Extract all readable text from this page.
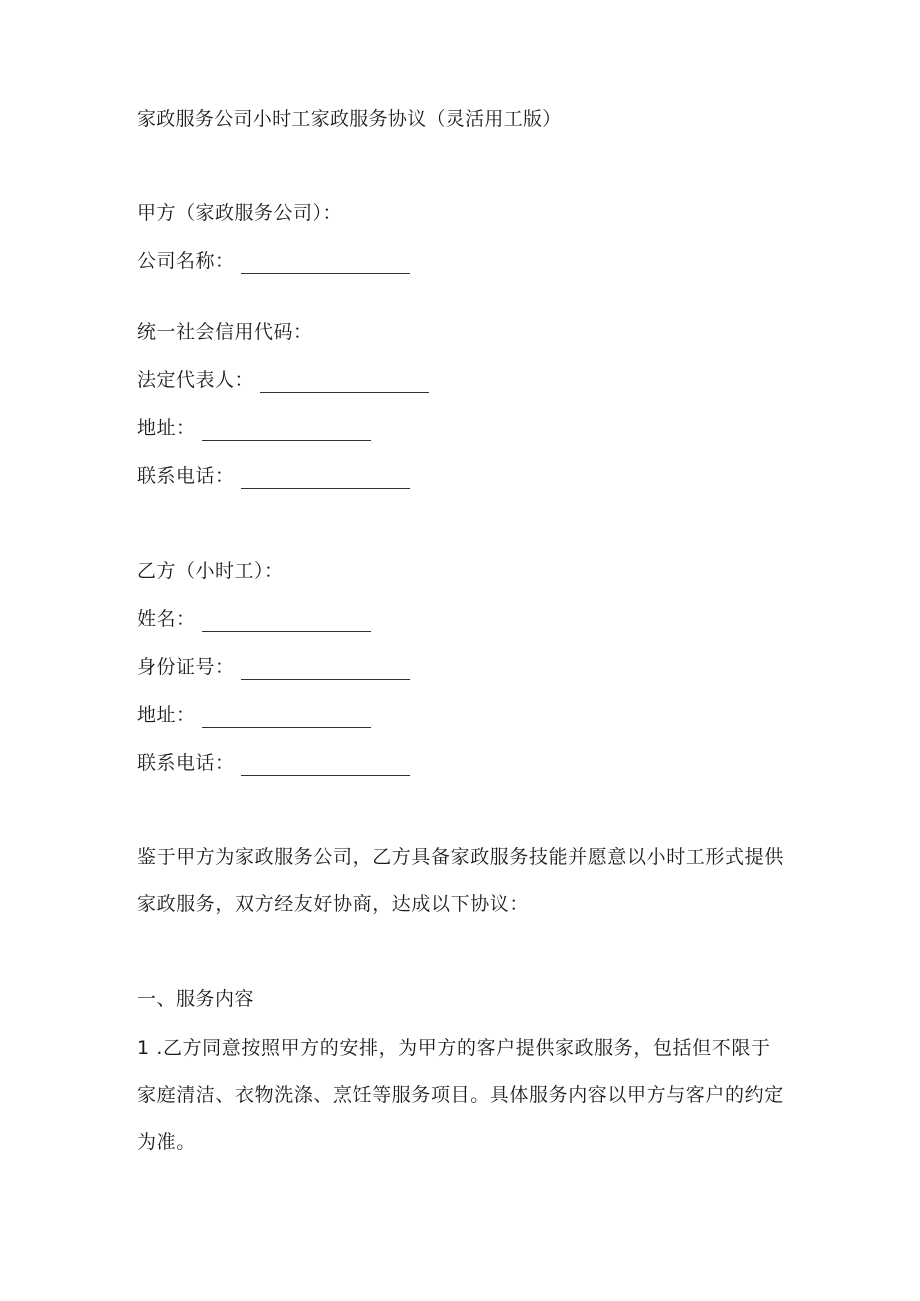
家政服务公司小时工家政服务协议（灵活用工版）
甲方（家政服务公司）：
公司名称：
统一社会信用代码：
法定代表人：
地址：
联系电话：
乙方（小时工）：
姓名：
身份证号：
地址：
联系电话：
鉴于甲方为家政服务公司，乙方具备家政服务技能并愿意以小时工形式提供家政服务，双方经友好协商，达成以下协议：
一、服务内容
1 .乙方同意按照甲方的安排，为甲方的客户提供家政服务，包括但不限于家庭清洁、衣物洗涤、烹饪等服务项目。具体服务内容以甲方与客户的约定为准。
